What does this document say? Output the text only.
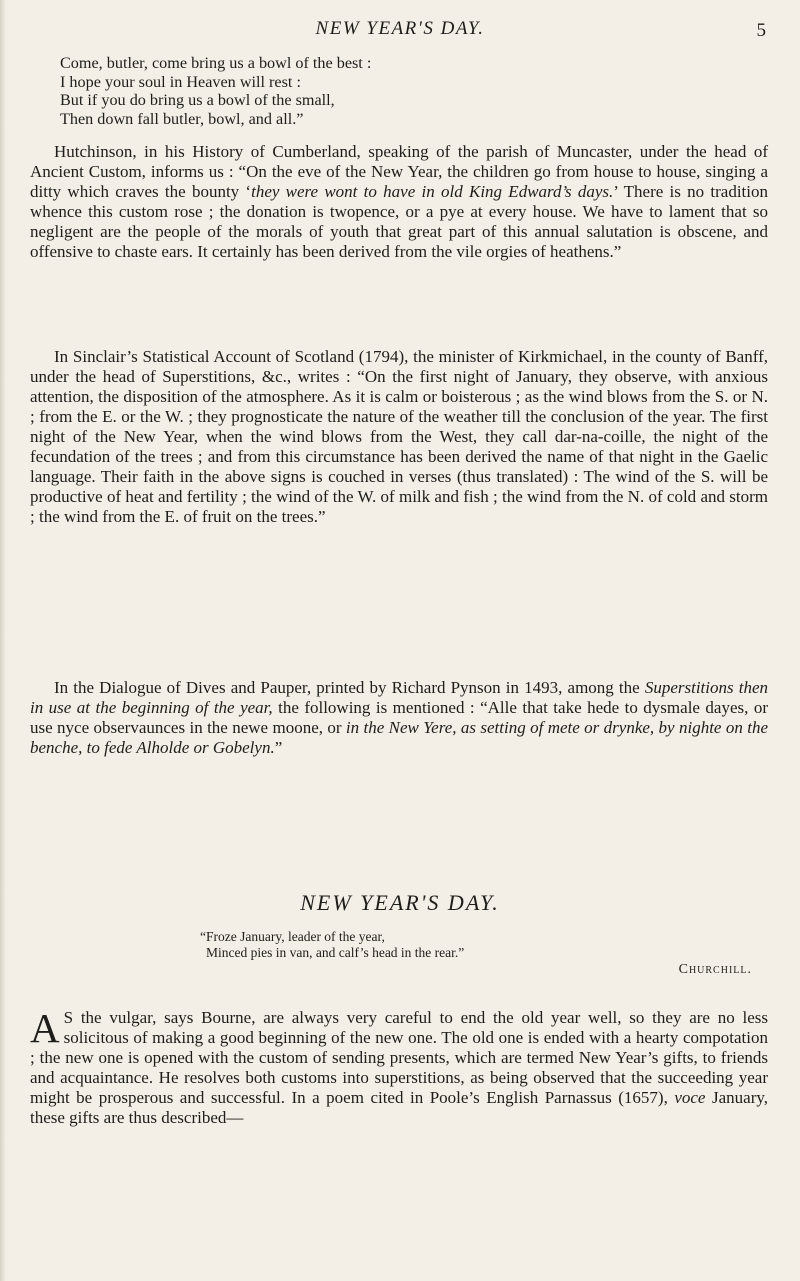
NEW YEAR'S DAY.	5
Come, butler, come bring us a bowl of the best :
I hope your soul in Heaven will rest :
But if you do bring us a bowl of the small,
Then down fall butler, bowl, and all.”

Hutchinson, in his History of Cumberland, speaking of the parish of Muncaster, under the head of Ancient Custom, informs us : “On the eve of the New Year, the children go from house to house, singing a ditty which craves the bounty ‘they were wont to have in old King Edward’s days.’ There is no tradition whence this custom rose ; the donation is twopence, or a pye at every house. We have to lament that so negligent are the people of the morals of youth that great part of this annual salutation is obscene, and offensive to chaste ears. It certainly has been derived from the vile orgies of heathens.”

In Sinclair’s Statistical Account of Scotland (1794), the minister of Kirkmichael, in the county of Banff, under the head of Superstitions, &c., writes : “On the first night of January, they observe, with anxious attention, the disposition of the atmosphere. As it is calm or boisterous ; as the wind blows from the S. or N. ; from the E. or the W. ; they prognosticate the nature of the weather till the conclusion of the year. The first night of the New Year, when the wind blows from the West, they call dar-na-coille, the night of the fecundation of the trees ; and from this circumstance has been derived the name of that night in the Gaelic language. Their faith in the above signs is couched in verses (thus translated) : The wind of the S. will be productive of heat and fertility ; the wind of the W. of milk and fish ; the wind from the N. of cold and storm ; the wind from the E. of fruit on the trees.”

In the Dialogue of Dives and Pauper, printed by Richard Pynson in 1493, among the Superstitions then in use at the beginning of the year, the following is mentioned : “Alle that take hede to dysmale dayes, or use nyce observaunces in the newe moone, or in the New Yere, as setting of mete or drynke, by nighte on the benche, to fede Alholde or Gobelyn.”

NEW YEAR'S DAY.
“Froze January, leader of the year,
Minced pies in van, and calf’s head in the rear.”
Churchill.

A S the vulgar, says Bourne, are always very careful to end the old year well, so they are no less solicitous of making a good beginning of the new one. The old one is ended with a hearty compotation ; the new one is opened with the custom of sending presents, which are termed New Year’s gifts, to friends and acquaintance. He resolves both customs into superstitions, as being observed that the succeeding year might be prosperous and successful. In a poem cited in Poole’s English Parnassus (1657), voce January, these gifts are thus described—
